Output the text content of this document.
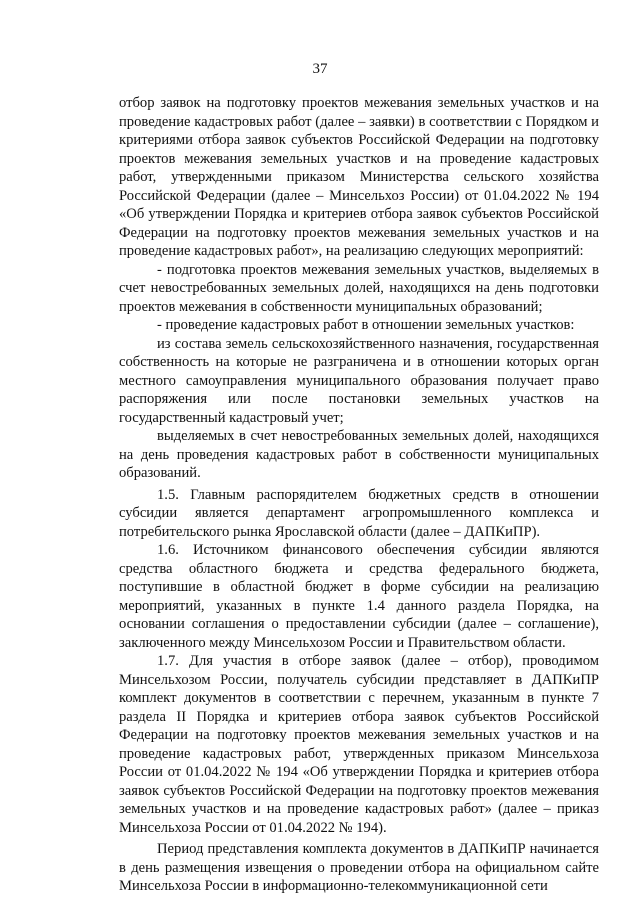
37

отбор заявок на подготовку проектов межевания земельных участков и на проведение кадастровых работ (далее – заявки) в соответствии с Порядком и критериями отбора заявок субъектов Российской Федерации на подготовку проектов межевания земельных участков и на проведение кадастровых работ, утвержденными приказом Министерства сельского хозяйства Российской Федерации (далее – Минсельхоз России) от 01.04.2022 № 194 «Об утверждении Порядка и критериев отбора заявок субъектов Российской Федерации на подготовку проектов межевания земельных участков и на проведение кадастровых работ», на реализацию следующих мероприятий:

- подготовка проектов межевания земельных участков, выделяемых в счет невостребованных земельных долей, находящихся на день подготовки проектов межевания в собственности муниципальных образований;

- проведение кадастровых работ в отношении земельных участков:

из состава земель сельскохозяйственного назначения, государственная собственность на которые не разграничена и в отношении которых орган местного самоуправления муниципального образования получает право распоряжения или после постановки земельных участков на государственный кадастровый учет;

выделяемых в счет невостребованных земельных долей, находящихся на день проведения кадастровых работ в собственности муниципальных образований.

1.5. Главным распорядителем бюджетных средств в отношении субсидии является департамент агропромышленного комплекса и потребительского рынка Ярославской области (далее – ДАПКиПР).

1.6. Источником финансового обеспечения субсидии являются средства областного бюджета и средства федерального бюджета, поступившие в областной бюджет в форме субсидии на реализацию мероприятий, указанных в пункте 1.4 данного раздела Порядка, на основании соглашения о предоставлении субсидии (далее – соглашение), заключенного между Минсельхозом России и Правительством области.

1.7. Для участия в отборе заявок (далее – отбор), проводимом Минсельхозом России, получатель субсидии представляет в ДАПКиПР комплект документов в соответствии с перечнем, указанным в пункте 7 раздела II Порядка и критериев отбора заявок субъектов Российской Федерации на подготовку проектов межевания земельных участков и на проведение кадастровых работ, утвержденных приказом Минсельхоза России от 01.04.2022 № 194 «Об утверждении Порядка и критериев отбора заявок субъектов Российской Федерации на подготовку проектов межевания земельных участков и на проведение кадастровых работ» (далее – приказ Минсельхоза России от 01.04.2022 № 194).

Период представления комплекта документов в ДАПКиПР начинается в день размещения извещения о проведении отбора на официальном сайте Минсельхоза России в информационно-телекоммуникационной сети
